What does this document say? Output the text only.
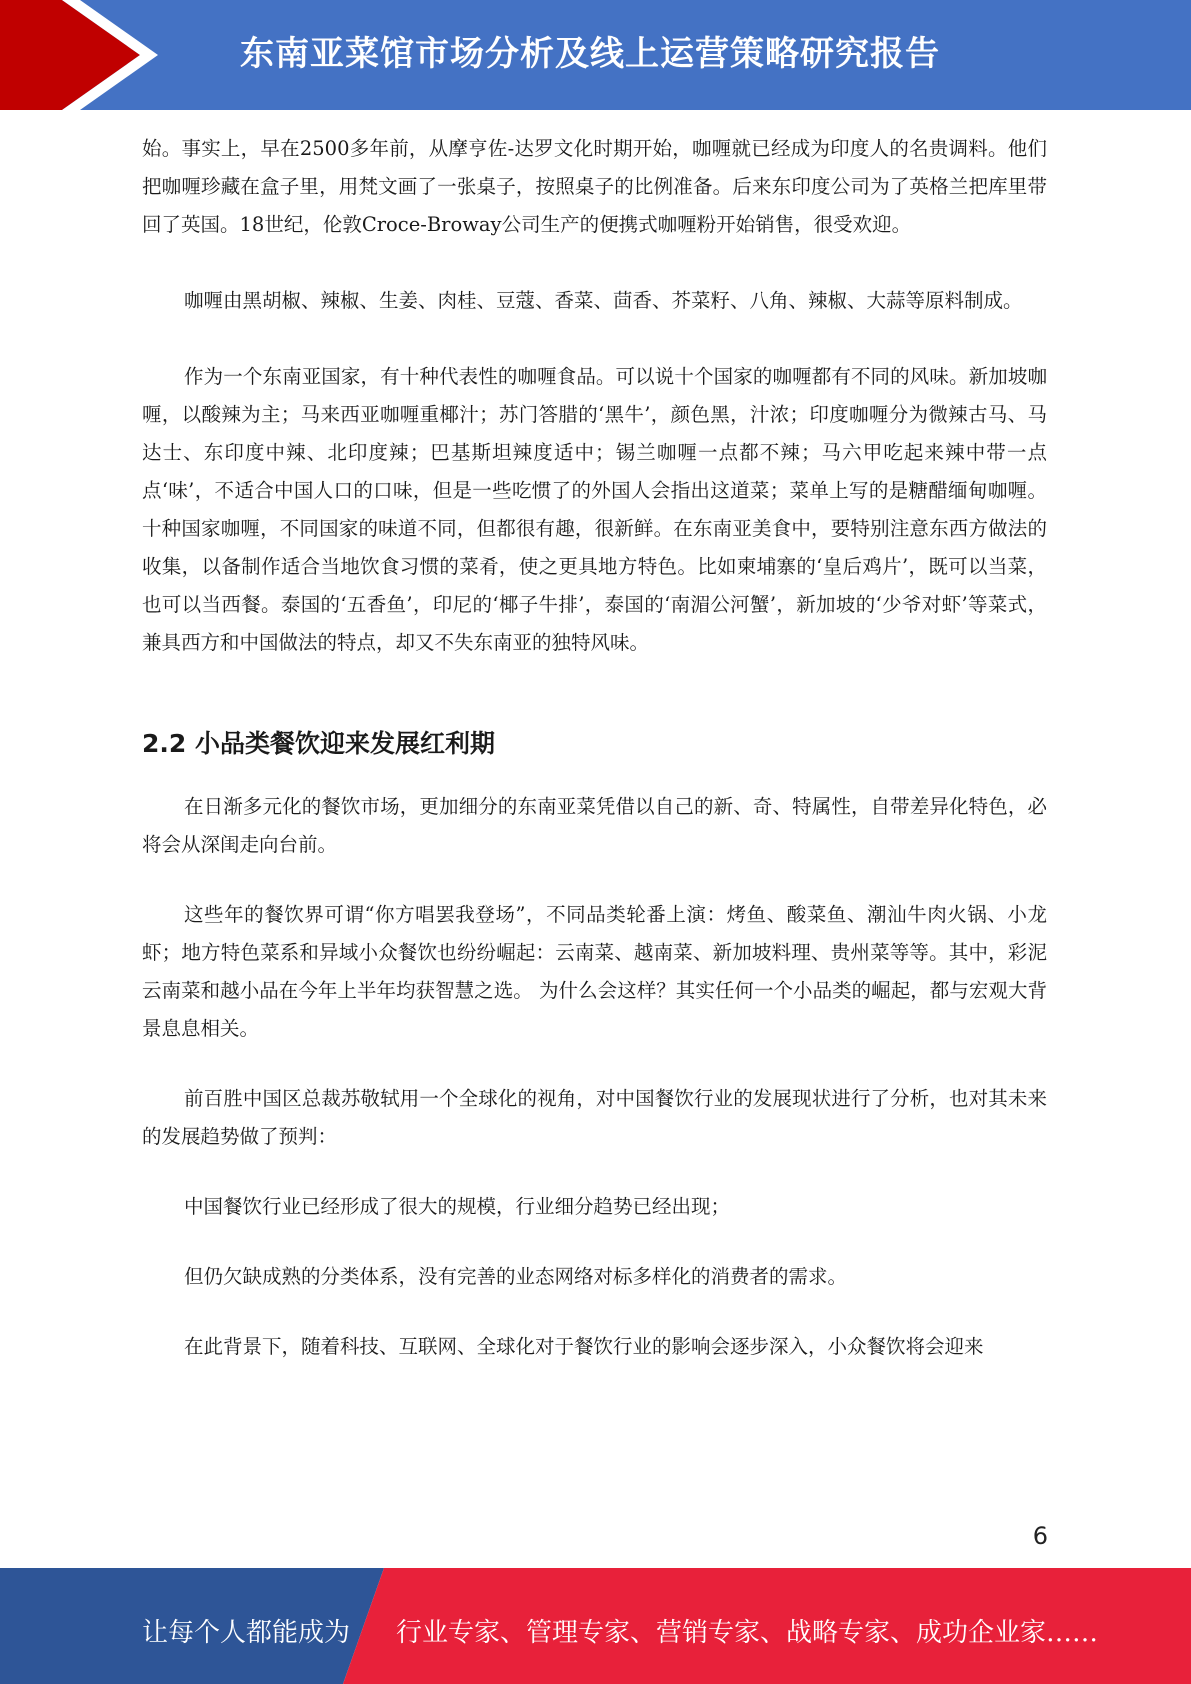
东南亚菜馆市场分析及线上运营策略研究报告

始。事实上，早在2500多年前，从摩亨佐-达罗文化时期开始，咖喱就已经成为印度人的名贵调料。他们把咖喱珍藏在盒子里，用梵文画了一张桌子，按照桌子的比例准备。后来东印度公司为了英格兰把库里带回了英国。18世纪，伦敦Croce-Broway公司生产的便携式咖喱粉开始销售，很受欢迎。

咖喱由黑胡椒、辣椒、生姜、肉桂、豆蔻、香菜、茴香、芥菜籽、八角、辣椒、大蒜等原料制成。

作为一个东南亚国家，有十种代表性的咖喱食品。可以说十个国家的咖喱都有不同的风味。新加坡咖喱，以酸辣为主；马来西亚咖喱重椰汁；苏门答腊的‘黑牛’，颜色黑，汁浓；印度咖喱分为微辣古马、马达士、东印度中辣、北印度辣；巴基斯坦辣度适中；锡兰咖喱一点都不辣；马六甲吃起来辣中带一点点‘味’，不适合中国人口的口味，但是一些吃惯了的外国人会指出这道菜；菜单上写的是糖醋缅甸咖喱。十种国家咖喱，不同国家的味道不同，但都很有趣，很新鲜。在东南亚美食中，要特别注意东西方做法的收集，以备制作适合当地饮食习惯的菜肴，使之更具地方特色。比如柬埔寨的‘皇后鸡片’，既可以当菜，也可以当西餐。泰国的‘五香鱼’，印尼的‘椰子牛排’，泰国的‘南湄公河蟹’，新加坡的‘少爷对虾’等菜式，兼具西方和中国做法的特点，却又不失东南亚的独特风味。

2.2 小品类餐饮迎来发展红利期

在日渐多元化的餐饮市场，更加细分的东南亚菜凭借以自己的新、奇、特属性，自带差异化特色，必将会从深闺走向台前。

这些年的餐饮界可谓“你方唱罢我登场”，不同品类轮番上演：烤鱼、酸菜鱼、潮汕牛肉火锅、小龙虾；地方特色菜系和异域小众餐饮也纷纷崛起：云南菜、越南菜、新加坡料理、贵州菜等等。其中，彩泥云南菜和越小品在今年上半年均获智慧之选。 为什么会这样？其实任何一个小品类的崛起，都与宏观大背景息息相关。

前百胜中国区总裁苏敬轼用一个全球化的视角，对中国餐饮行业的发展现状进行了分析，也对其未来的发展趋势做了预判：

中国餐饮行业已经形成了很大的规模，行业细分趋势已经出现；

但仍欠缺成熟的分类体系，没有完善的业态网络对标多样化的消费者的需求。

在此背景下，随着科技、互联网、全球化对于餐饮行业的影响会逐步深入，小众餐饮将会迎来

6
让每个人都能成为 行业专家、管理专家、营销专家、战略专家、成功企业家……
